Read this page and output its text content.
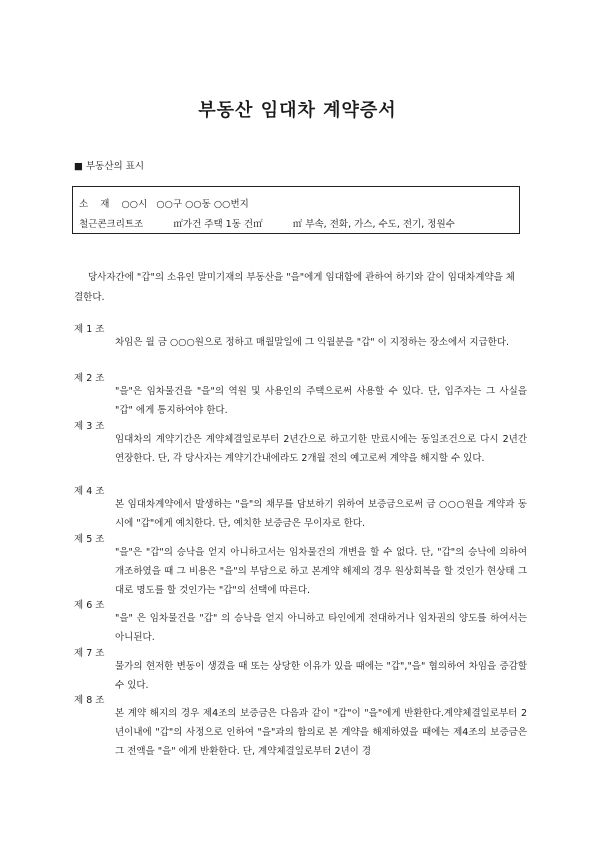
부동산 임대차 계약증서
■ 부동산의 표시
소    재    ○○시   ○○구 ○○동 ○○번지
철근콘크리트조          ㎡가건 주택 1동 건㎡          ㎡ 부속, 전화, 가스, 수도, 전기, 정원수
당사자간에 "갑"의 소유인 말미기재의 부동산을 "을"에게 임대함에 관하여 하기와 같이 임대차계약을 체결한다.
제 1 조
차임은 월 금 ○○○원으로 정하고 매월말일에 그 익월분을 "갑" 이 지정하는 장소에서 지급한다.
제 2 조
"을"은 임차물건을 "을"의 역원 및 사용인의 주택으로써 사용할 수 있다. 단, 입주자는 그 사실을 "갑" 에게 통지하여야 한다.
제 3 조
임대차의 계약기간은 계약체결일로부터 2년간으로 하고기한 만료시에는 동일조건으로 다시 2년간 연장한다. 단, 각 당사자는 계약기간내에라도 2개월 전의 예고로써 계약을 해지할 수 있다.
제 4 조
본 임대차계약에서 발생하는 "을"의 채무를 담보하기 위하여 보증금으로써 금 ○○○원을 계약과 동시에 "갑"에게 예치한다. 단, 예치한 보증금은 무이자로 한다.
제 5 조
"을"은 "갑"의 승낙을 얻지 아니하고서는 임차물건의 개변을 할 수 없다. 단, "갑"의 승낙에 의하여 개조하였을 때 그 비용은 "을"의 부담으로 하고 본계약 해제의 경우 원상회복을 할 것인가 현상태 그대로 명도를 할 것인가는 "갑"의 선택에 따른다.
제 6 조
"을" 은 임차물건을 "갑" 의 승낙을 얻지 아니하고 타인에게 전대하거나 임차권의 양도를 하여서는 아니된다.
제 7 조
물가의 현저한 변동이 생겼을 때 또는 상당한 이유가 있을 때에는 "갑","을" 협의하여 차임을 증감할 수 있다.
제 8 조
본 계약 해지의 경우 제4조의 보증금은 다음과 같이 "갑"이 "을"에게 반환한다.계약체결일로부터 2년이내에 "갑"의 사정으로 인하여 "을"과의 합의로 본 계약을 해제하였을 때에는 제4조의 보증금은 그 전액을 "을" 에게 반환한다. 단, 계약체결일로부터 2년이 경
